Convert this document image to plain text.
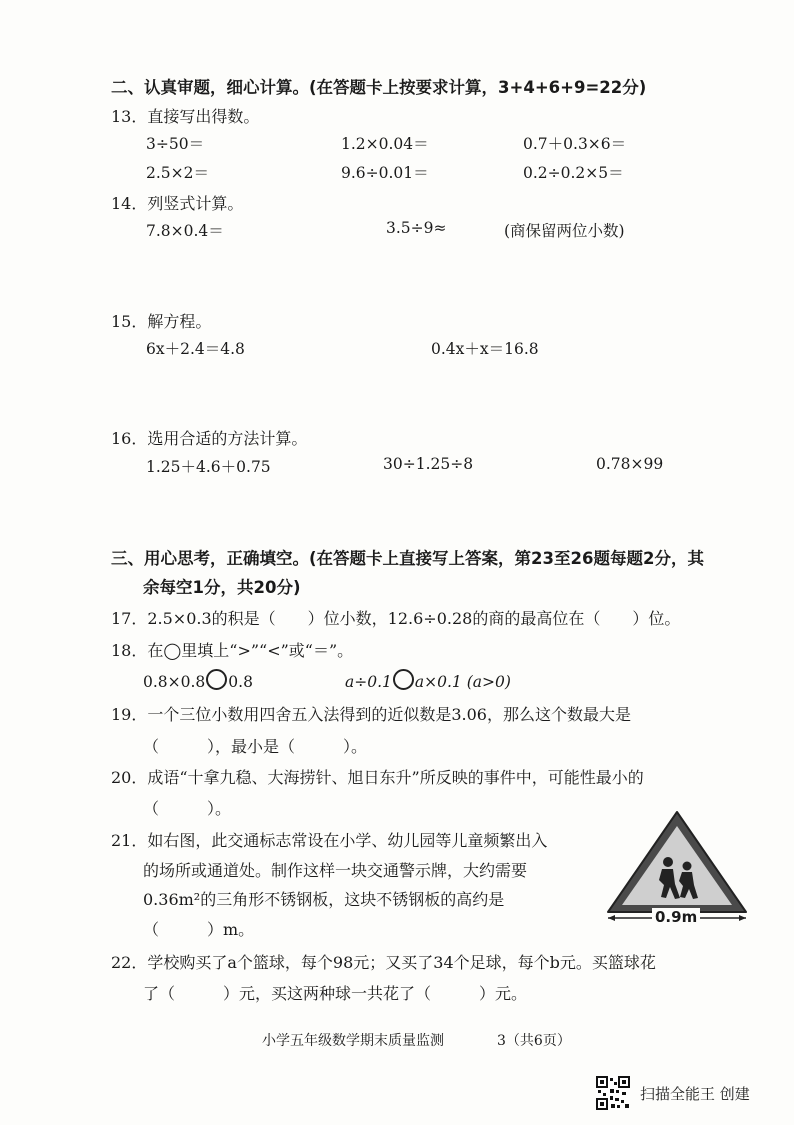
二、认真审题，细心计算。(在答题卡上按要求计算，3+4+6+9=22分)
13．直接写出得数。
3÷50＝	1.2×0.04＝	0.7＋0.3×6＝
2.5×2＝	9.6÷0.01＝	0.2÷0.2×5＝
14．列竖式计算。
7.8×0.4＝	3.5÷9≈	(商保留两位小数)
15．解方程。
6x＋2.4＝4.8	0.4x＋x＝16.8
16．选用合适的方法计算。
1.25＋4.6＋0.75	30÷1.25÷8	0.78×99
三、用心思考，正确填空。(在答题卡上直接写上答案，第23至26题每题2分，其
余每空1分，共20分)
17．2.5×0.3的积是（　　）位小数，12.6÷0.28的商的最高位在（　　）位。
18．在◯里填上“>”“<”或“＝”。
0.8×0.8 0.8	a÷0.1 a×0.1 (a>0)
19．一个三位小数用四舍五入法得到的近似数是3.06，那么这个数最大是
（　　　），最小是（　　　）。
20．成语“十拿九稳、大海捞针、旭日东升”所反映的事件中，可能性最小的
（　　　）。
21．如右图，此交通标志常设在小学、幼儿园等儿童频繁出入
的场所或通道处。制作这样一块交通警示牌，大约需要
0.36m²的三角形不锈钢板，这块不锈钢板的高约是
（　　　）m。
0.9m
22．学校购买了a个篮球，每个98元；又买了34个足球，每个b元。买篮球花
了（　　　）元，买这两种球一共花了（　　　）元。
小学五年级数学期末质量监测	3（共6页）
扫描全能王 创建
